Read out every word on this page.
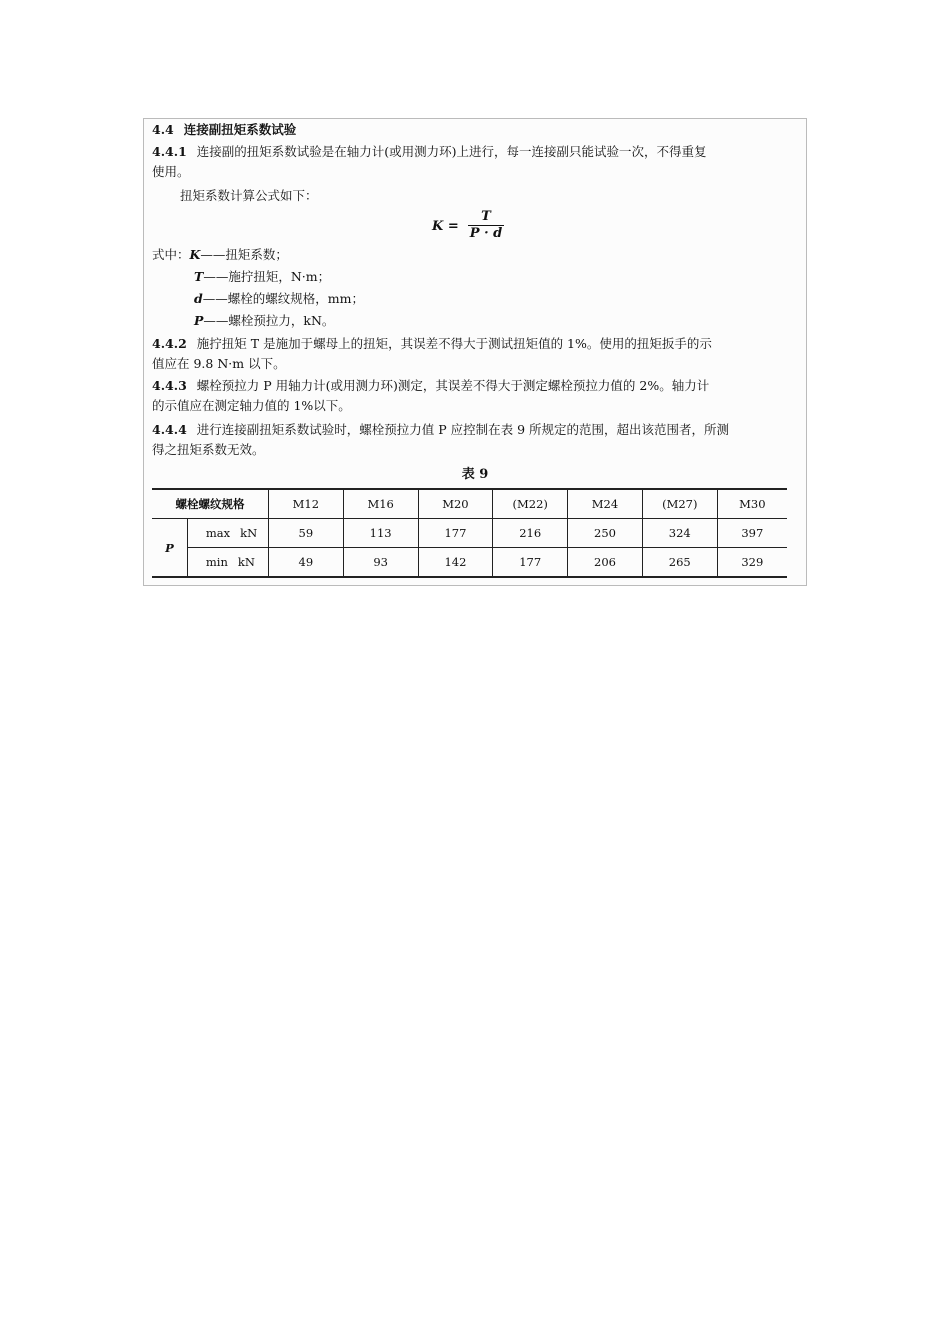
4.4 连接副扭矩系数试验
4.4.1 连接副的扭矩系数试验是在轴力计(或用测力环)上进行，每一连接副只能试验一次，不得重复
使用。
扭矩系数计算公式如下：
K =
T
P · d
式中：K——扭矩系数；
T——施拧扭矩，N·m；
d——螺栓的螺纹规格，mm；
P——螺栓预拉力，kN。
4.4.2 施拧扭矩 T 是施加于螺母上的扭矩，其误差不得大于测试扭矩值的 1%。使用的扭矩扳手的示
值应在 9.8 N·m 以下。
4.4.3 螺栓预拉力 P 用轴力计(或用测力环)测定，其误差不得大于测定螺栓预拉力值的 2%。轴力计
的示值应在测定轴力值的 1%以下。
4.4.4 进行连接副扭矩系数试验时，螺栓预拉力值 P 应控制在表 9 所规定的范围，超出该范围者，所测
得之扭矩系数无效。
表 9
螺栓螺纹规格		M12	M16	M20	(M22)	M24	(M27)	M30
P	max kN	59	113	177	216	250	324	397
	min kN	49	93	142	177	206	265	329
